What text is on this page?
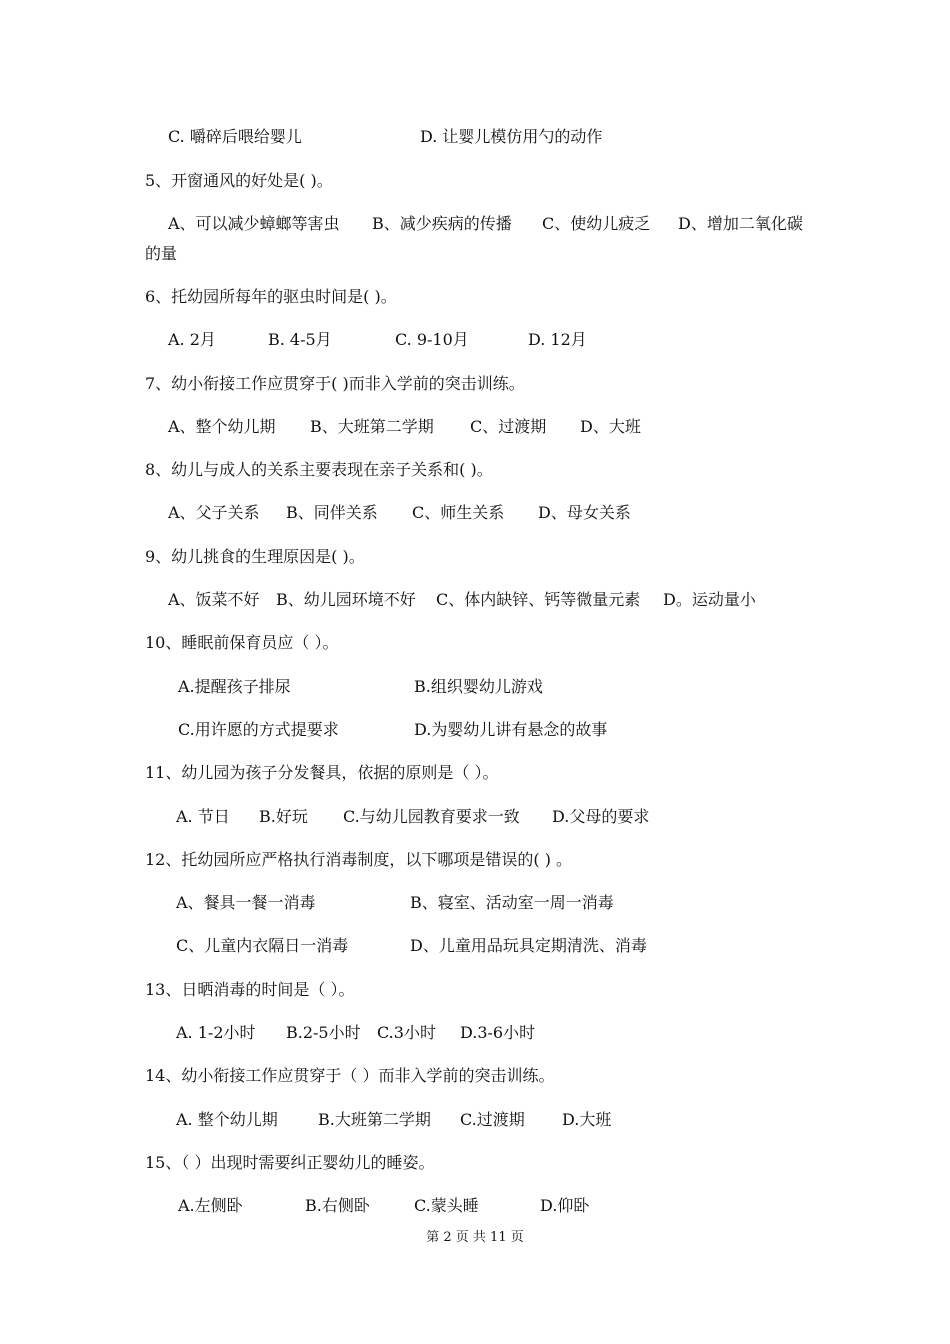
C. 嚼碎后喂给婴儿	D. 让婴儿模仿用勺的动作
5、开窗通风的好处是( )。
A、可以减少蟑螂等害虫 B、减少疾病的传播 C、使幼儿疲乏 D、增加二氧化碳
的量
6、托幼园所每年的驱虫时间是( )。
A. 2月	B. 4-5月	C. 9-10月	D. 12月
7、幼小衔接工作应贯穿于( )而非入学前的突击训练。
A、整个幼儿期 B、大班第二学期 C、过渡期 D、大班
8、幼儿与成人的关系主要表现在亲子关系和( )。
A、父子关系 B、同伴关系 C、师生关系 D、母女关系
9、幼儿挑食的生理原因是( )。
A、饭菜不好 B、幼儿园环境不好 C、体内缺锌、钙等微量元素 D。运动量小
10、睡眠前保育员应（ ）。
A.提醒孩子排尿	B.组织婴幼儿游戏
C.用许愿的方式提要求	D.为婴幼儿讲有悬念的故事
11、幼儿园为孩子分发餐具，依据的原则是（ ）。
A. 节日 B.好玩 C.与幼儿园教育要求一致 D.父母的要求
12、托幼园所应严格执行消毒制度，以下哪项是错误的( ) 。
A、餐具一餐一消毒	B、寝室、活动室一周一消毒
C、儿童内衣隔日一消毒	D、儿童用品玩具定期清洗、消毒
13、日晒消毒的时间是（ ）。
A. 1-2小时 B.2-5小时 C.3小时 D.3-6小时
14、幼小衔接工作应贯穿于（ ）而非入学前的突击训练。
A. 整个幼儿期	B.大班第二学期 C.过渡期 D.大班
15、（ ）出现时需要纠正婴幼儿的睡姿。
A.左侧卧	B.右侧卧	C.蒙头睡	D.仰卧
第 2 页 共 11 页
